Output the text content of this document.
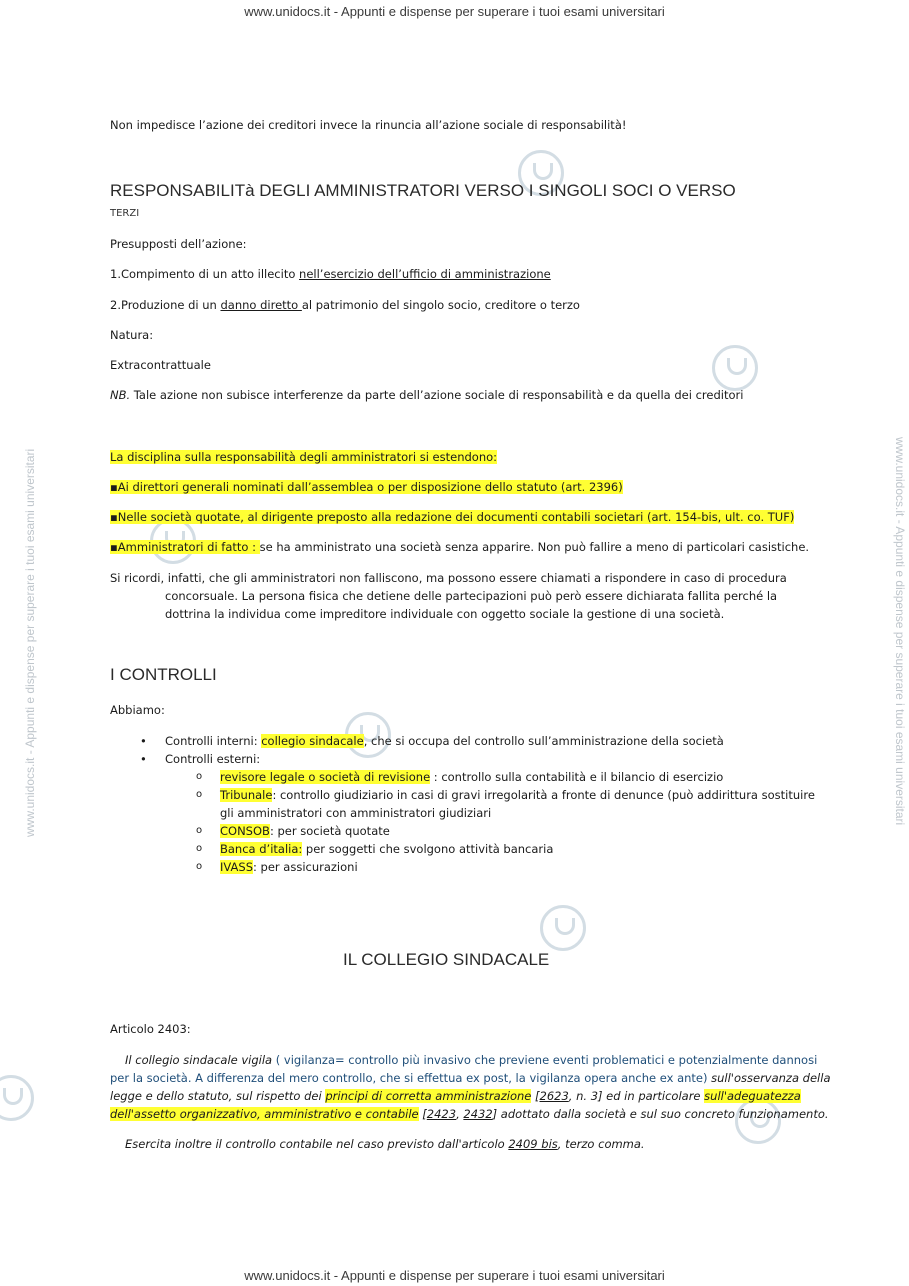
www.unidocs.it - Appunti e dispense per superare i tuoi esami universitari
www.unidocs.it - Appunti e dispense per superare i tuoi esami universitari
www.unidocs.it - Appunti e dispense per superare i tuoi esami universitari	www.unidocs.it - Appunti e dispense per superare i tuoi esami universitari
Non impedisce l’azione dei creditori invece la rinuncia all’azione sociale di responsabilità!
RESPONSABILITà DEGLI AMMINISTRATORI VERSO I SINGOLI SOCI O VERSO
TERZI
Presupposti dell’azione:
1.Compimento di un atto illecito nell’esercizio dell’ufficio di amministrazione
2.Produzione di un danno diretto al patrimonio del singolo socio, creditore o terzo
Natura:
Extracontrattuale
NB. Tale azione non subisce interferenze da parte dell’azione sociale di responsabilità e da quella dei creditori
La disciplina sulla responsabilità degli amministratori si estendono:
▪Ai direttori generali nominati dall’assemblea o per disposizione dello statuto (art. 2396)
▪Nelle società quotate, al dirigente preposto alla redazione dei documenti contabili societari (art. 154-bis, ult. co. TUF)
▪Amministratori di fatto : se ha amministrato una società senza apparire. Non può fallire a meno di particolari casistiche.
Si ricordi, infatti, che gli amministratori non falliscono, ma possono essere chiamati a rispondere in caso di procedura
concorsuale. La persona fisica che detiene delle partecipazioni può però essere dichiarata fallita perché la
dottrina la individua come impreditore individuale con oggetto sociale la gestione di una società.
I CONTROLLI
Abbiamo:
• Controlli interni: collegio sindacale, che si occupa del controllo sull’amministrazione della società
• Controlli esterni:
o revisore legale o società di revisione : controllo sulla contabilità e il bilancio di esercizio
o Tribunale: controllo giudiziario in casi di gravi irregolarità a fronte di denunce (può addirittura sostituire
gli amministratori con amministratori giudiziari
o CONSOB: per società quotate
o Banca d’italia: per soggetti che svolgono attività bancaria
o IVASS: per assicurazioni
IL COLLEGIO SINDACALE
Articolo 2403:
Il collegio sindacale vigila ( vigilanza= controllo più invasivo che previene eventi problematici e potenzialmente dannosi
per la società. A differenza del mero controllo, che si effettua ex post, la vigilanza opera anche ex ante) sull'osservanza della
legge e dello statuto, sul rispetto dei principi di corretta amministrazione [2623, n. 3] ed in particolare sull'adeguatezza
dell'assetto organizzativo, amministrativo e contabile [2423, 2432] adottato dalla società e sul suo concreto funzionamento.
Esercita inoltre il controllo contabile nel caso previsto dall'articolo 2409 bis, terzo comma.
